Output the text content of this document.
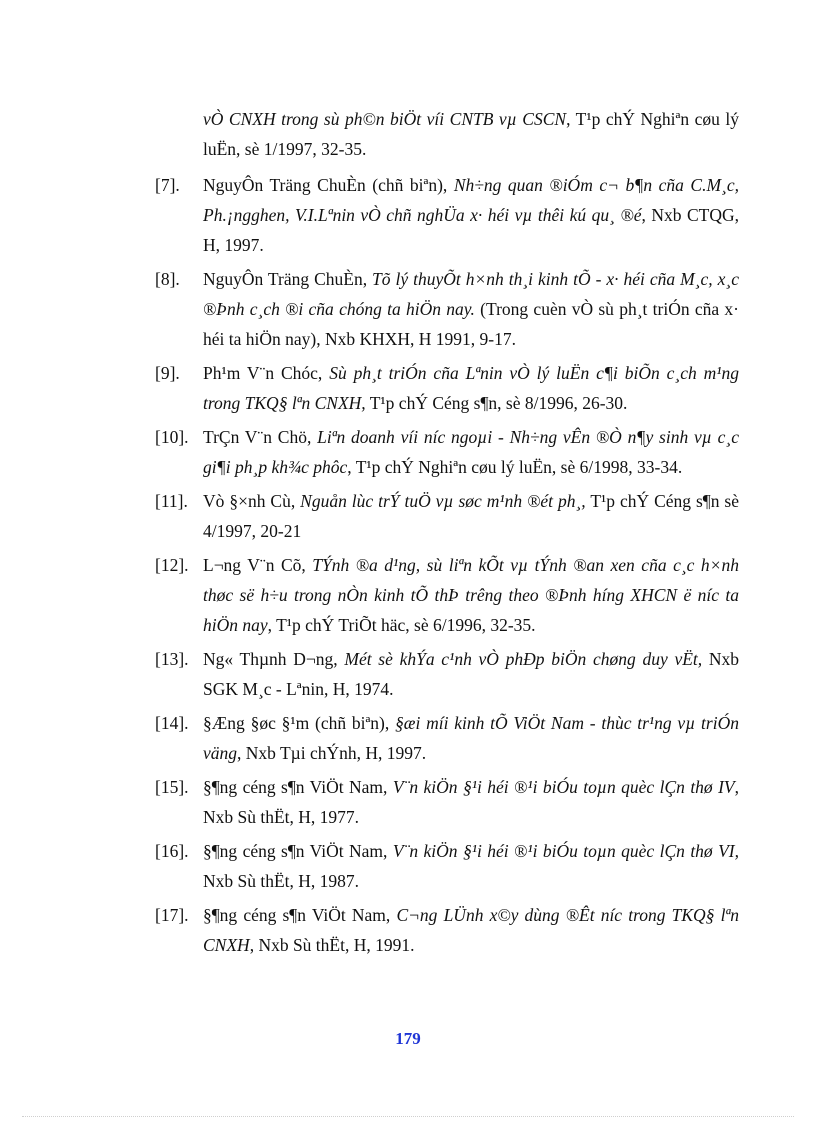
vÒ CNXH trong sù ph©n biÖt víi CNTB vµ CSCN, T¹p chÝ Nghiªn cøu lý luËn, sè 1/1997, 32-35.

[7].	NguyÔn Träng ChuÈn (chñ biªn), Nh÷ng quan ®iÓm c¬ b¶n cña C.M¸c, Ph.¡ngghen, V.I.Lªnin vÒ chñ nghÜa x· héi vµ thêi kú qu¸ ®é, Nxb CTQG, H, 1997.
[8].	NguyÔn Träng ChuÈn, Tõ lý thuyÕt h×nh th¸i kinh tÕ - x· héi cña M¸c, x¸c ®Þnh c¸ch ®i cña chóng ta hiÖn nay. (Trong cuèn vÒ sù ph¸t triÓn cña x· héi ta hiÖn nay), Nxb KHXH, H 1991, 9-17.
[9].	Ph¹m V¨n Chóc, Sù ph¸t triÓn cña Lªnin vÒ lý luËn c¶i biÕn c¸ch m¹ng trong TKQ§ lªn CNXH, T¹p chÝ Céng s¶n, sè 8/1996, 26-30.
[10]. TrÇn V¨n Chö, Liªn doanh víi níc ngoµi - Nh÷ng vÊn ®Ò n¶y sinh vµ c¸c gi¶i ph¸p kh¾c phôc, T¹p chÝ Nghiªn cøu lý luËn, sè 6/1998, 33-34.
[11]. Vò §×nh Cù, Nguån lùc trÝ tuÖ vµ søc m¹nh ®ét ph¸, T¹p chÝ Céng s¶n sè 4/1997, 20-21
[12]. L¬ng V¨n Cõ, TÝnh ®a d¹ng, sù liªn kÕt vµ tÝnh ®an xen cña c¸c h×nh thøc së h÷u trong nÒn kinh tÕ thÞ trêng theo ®Þnh híng XHCN ë níc ta hiÖn nay, T¹p chÝ TriÕt häc, sè 6/1996, 32-35.
[13]. Ng« Thµnh D¬ng, Mét sè khÝa c¹nh vÒ phÐp biÖn chøng duy vËt, Nxb SGK M¸c - Lªnin, H, 1974.
[14]. §Æng §øc §¹m (chñ biªn), §æi míi kinh tÕ ViÖt Nam - thùc tr¹ng vµ triÓn väng, Nxb Tµi chÝnh, H, 1997.
[15]. §¶ng céng s¶n ViÖt Nam, V¨n kiÖn §¹i héi ®¹i biÓu toµn quèc lÇn thø IV, Nxb Sù thËt, H, 1977.
[16]. §¶ng céng s¶n ViÖt Nam, V¨n kiÖn §¹i héi ®¹i biÓu toµn quèc lÇn thø VI, Nxb Sù thËt, H, 1987.
[17]. §¶ng céng s¶n ViÖt Nam, C¬ng LÜnh x©y dùng ®Êt níc trong TKQ§ lªn CNXH, Nxb Sù thËt, H, 1991.
179
